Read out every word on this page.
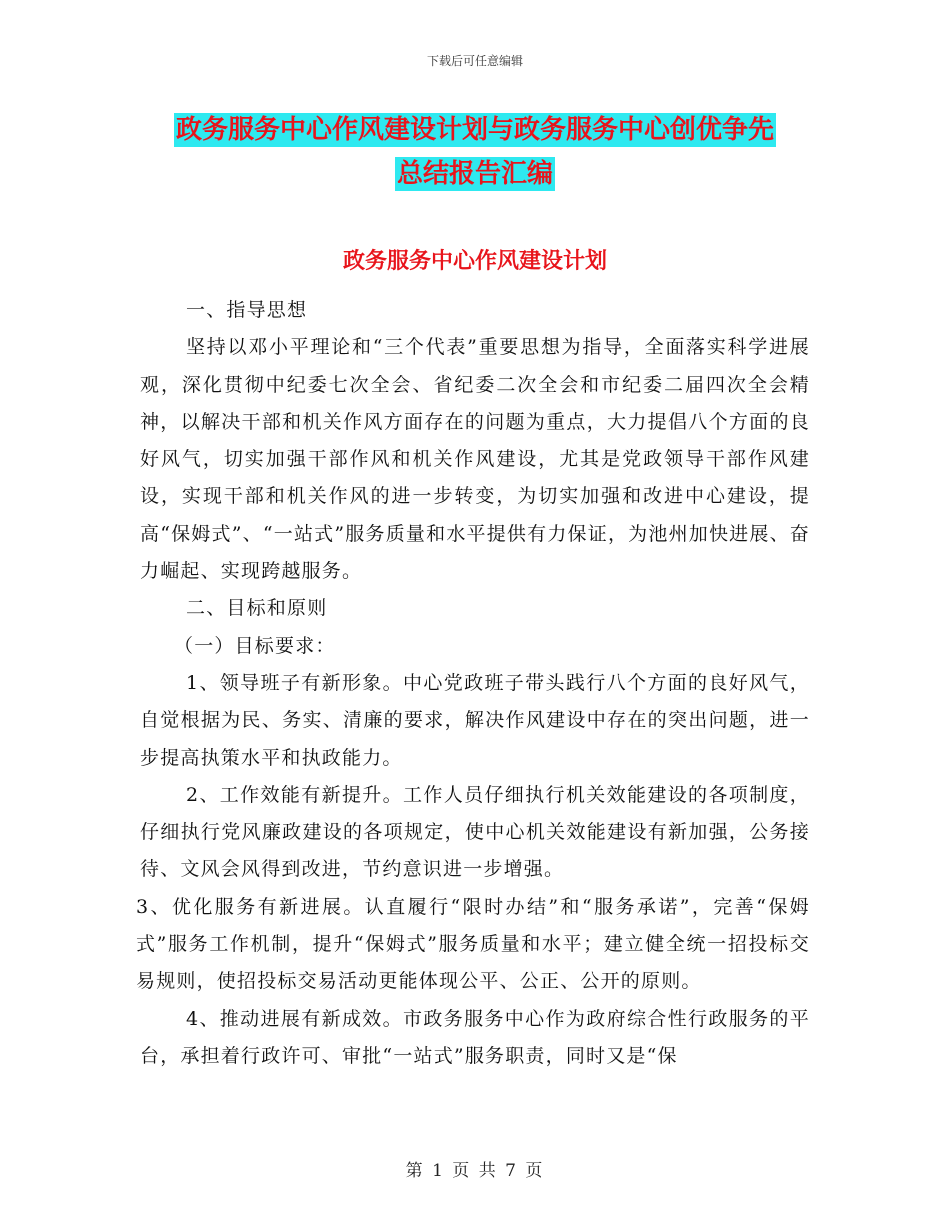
下载后可任意编辑
政务服务中心作风建设计划与政务服务中心创优争先
总结报告汇编
政务服务中心作风建设计划

一、指导思想

坚持以邓小平理论和“三个代表”重要思想为指导，全面落实科学进展观，深化贯彻中纪委七次全会、省纪委二次全会和市纪委二届四次全会精神，以解决干部和机关作风方面存在的问题为重点，大力提倡八个方面的良好风气，切实加强干部作风和机关作风建设，尤其是党政领导干部作风建设，实现干部和机关作风的进一步转变，为切实加强和改进中心建设，提高“保姆式”、“一站式”服务质量和水平提供有力保证，为池州加快进展、奋力崛起、实现跨越服务。

二、目标和原则

（一）目标要求：

1、领导班子有新形象。中心党政班子带头践行八个方面的良好风气，自觉根据为民、务实、清廉的要求，解决作风建设中存在的突出问题，进一步提高执策水平和执政能力。

2、工作效能有新提升。工作人员仔细执行机关效能建设的各项制度，仔细执行党风廉政建设的各项规定，使中心机关效能建设有新加强，公务接待、文风会风得到改进，节约意识进一步增强。

3、优化服务有新进展。认直履行“限时办结”和“服务承诺”，完善“保姆式”服务工作机制，提升“保姆式”服务质量和水平；建立健全统一招投标交易规则，使招投标交易活动更能体现公平、公正、公开的原则。

4、推动进展有新成效。市政务服务中心作为政府综合性行政服务的平台，承担着行政许可、审批“一站式”服务职责，同时又是“保

第 1 页 共 7 页
